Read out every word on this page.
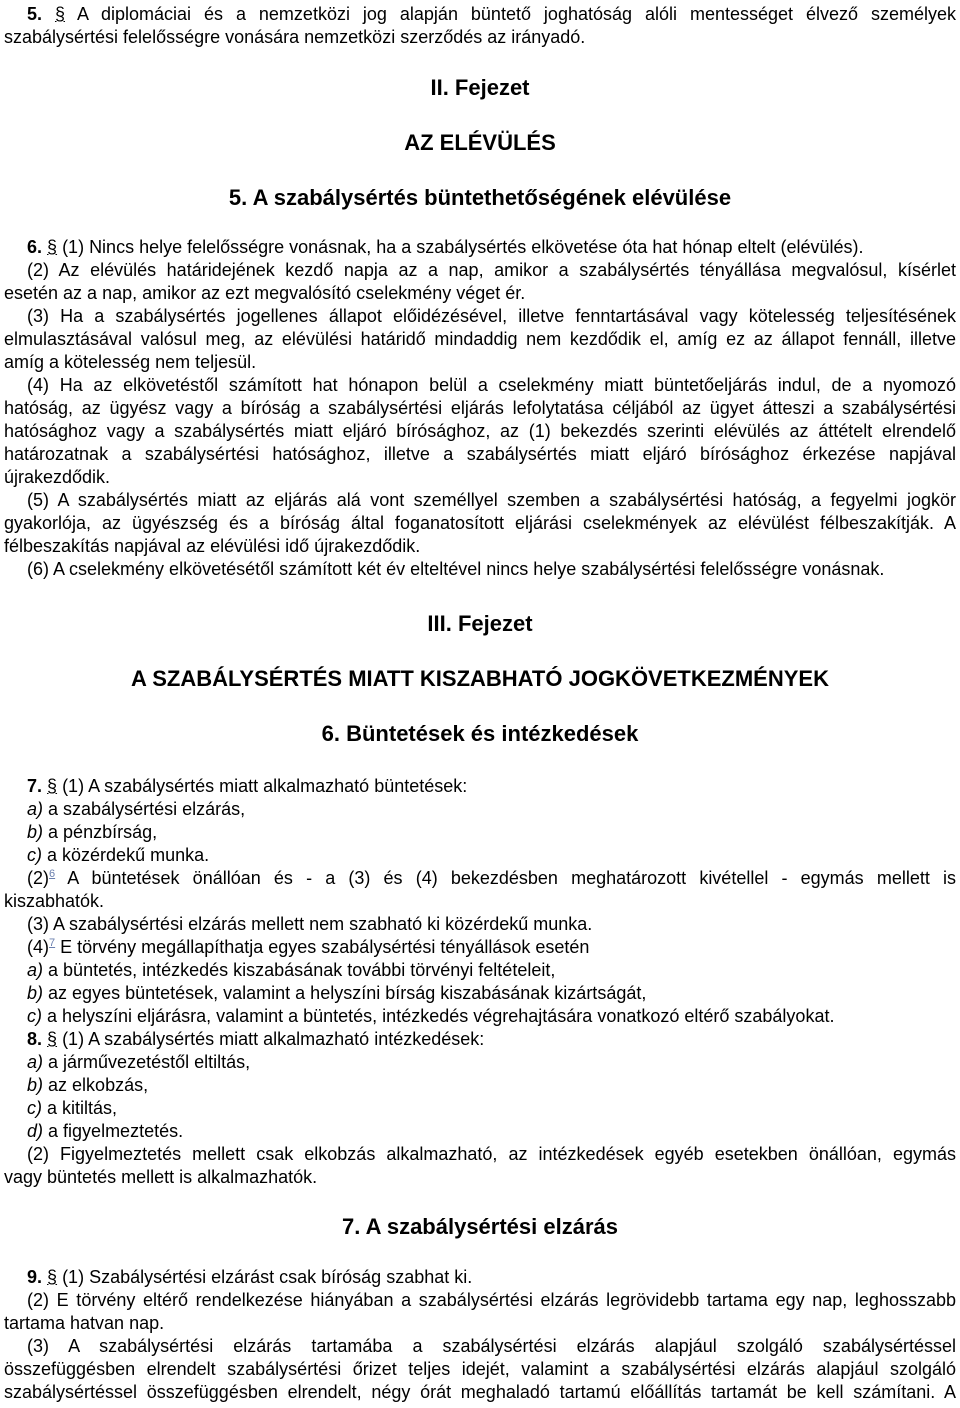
5. § A diplomáciai és a nemzetközi jog alapján büntető joghatóság alóli mentességet élvező személyek
szabálysértési felelősségre vonására nemzetközi szerződés az irányadó.
II. Fejezet
AZ ELÉVÜLÉS
5. A szabálysértés büntethetőségének elévülése
6. § (1) Nincs helye felelősségre vonásnak, ha a szabálysértés elkövetése óta hat hónap eltelt (elévülés).
(2) Az elévülés határidejének kezdő napja az a nap, amikor a szabálysértés tényállása megvalósul, kísérlet
esetén az a nap, amikor az ezt megvalósító cselekmény véget ér.
(3) Ha a szabálysértés jogellenes állapot előidézésével, illetve fenntartásával vagy kötelesség teljesítésének
elmulasztásával valósul meg, az elévülési határidő mindaddig nem kezdődik el, amíg ez az állapot fennáll, illetve
amíg a kötelesség nem teljesül.
(4) Ha az elkövetéstől számított hat hónapon belül a cselekmény miatt büntetőeljárás indul, de a nyomozó
hatóság, az ügyész vagy a bíróság a szabálysértési eljárás lefolytatása céljából az ügyet átteszi a szabálysértési
hatósághoz vagy a szabálysértés miatt eljáró bírósághoz, az (1) bekezdés szerinti elévülés az áttételt elrendelő
határozatnak a szabálysértési hatósághoz, illetve a szabálysértés miatt eljáró bírósághoz érkezése napjával
újrakezdődik.
(5) A szabálysértés miatt az eljárás alá vont személlyel szemben a szabálysértési hatóság, a fegyelmi jogkör
gyakorlója, az ügyészség és a bíróság által foganatosított eljárási cselekmények az elévülést félbeszakítják. A
félbeszakítás napjával az elévülési idő újrakezdődik.
(6) A cselekmény elkövetésétől számított két év elteltével nincs helye szabálysértési felelősségre vonásnak.
III. Fejezet
A SZABÁLYSÉRTÉS MIATT KISZABHATÓ JOGKÖVETKEZMÉNYEK
6. Büntetések és intézkedések
7. § (1) A szabálysértés miatt alkalmazható büntetések:
a) a szabálysértési elzárás,
b) a pénzbírság,
c) a közérdekű munka.
(2)$^6$ A büntetések önállóan és - a (3) és (4) bekezdésben meghatározott kivétellel - egymás mellett is
kiszabhatók.
(3) A szabálysértési elzárás mellett nem szabható ki közérdekű munka.
(4)$^7$ E törvény megállapíthatja egyes szabálysértési tényállások esetén
a) a büntetés, intézkedés kiszabásának további törvényi feltételeit,
b) az egyes büntetések, valamint a helyszíni bírság kiszabásának kizártságát,
c) a helyszíni eljárásra, valamint a büntetés, intézkedés végrehajtására vonatkozó eltérő szabályokat.
8. § (1) A szabálysértés miatt alkalmazható intézkedések:
a) a járművezetéstől eltiltás,
b) az elkobzás,
c) a kitiltás,
d) a figyelmeztetés.
(2) Figyelmeztetés mellett csak elkobzás alkalmazható, az intézkedések egyéb esetekben önállóan, egymás
vagy büntetés mellett is alkalmazhatók.
7. A szabálysértési elzárás
9. § (1) Szabálysértési elzárást csak bíróság szabhat ki.
(2) E törvény eltérő rendelkezése hiányában a szabálysértési elzárás legrövidebb tartama egy nap, leghosszabb
tartama hatvan nap.
(3) A szabálysértési elzárás tartamába a szabálysértési elzárás alapjául szolgáló szabálysértéssel
összefüggésben elrendelt szabálysértési őrizet teljes idejét, valamint a szabálysértési elzárás alapjául szolgáló
szabálysértéssel összefüggésben elrendelt, négy órát meghaladó tartamú előállítás tartamát be kell számítani. A
